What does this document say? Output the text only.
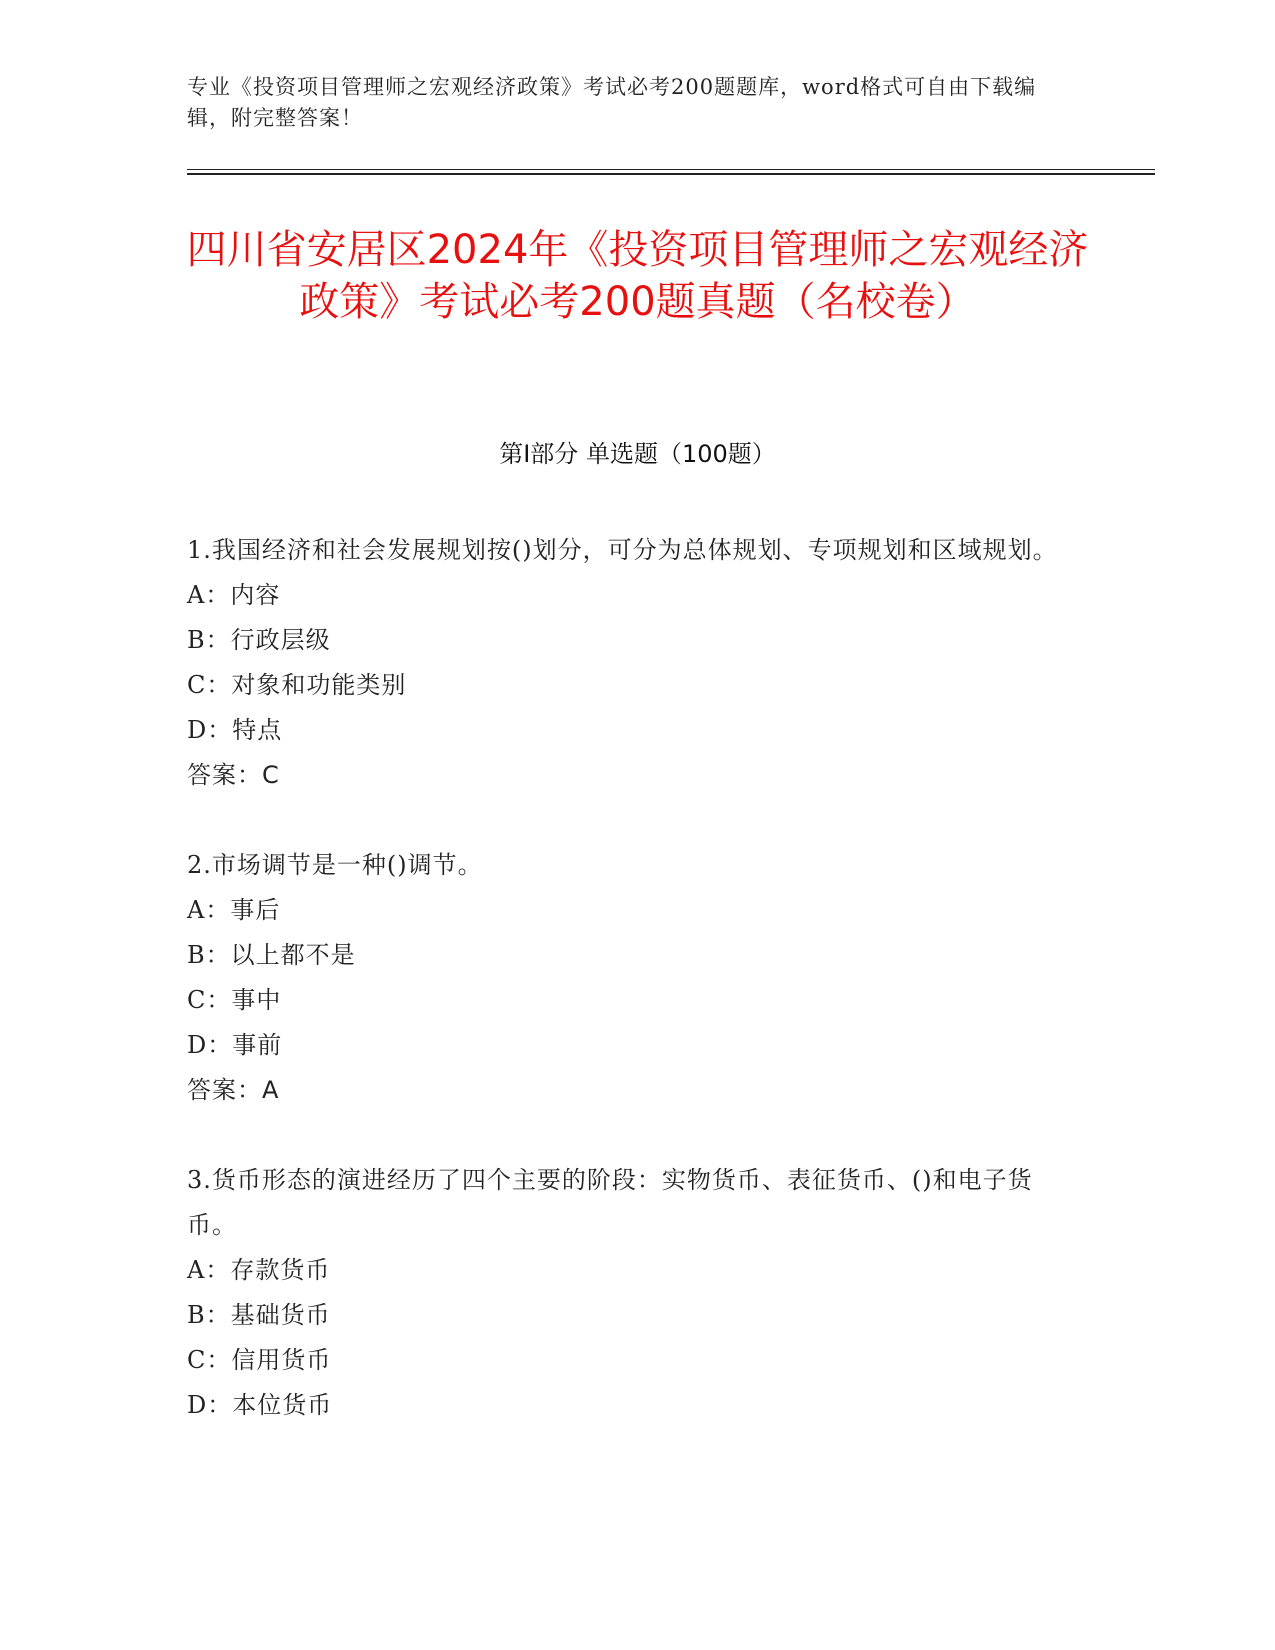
专业《投资项目管理师之宏观经济政策》考试必考200题题库，word格式可自由下载编辑，附完整答案！
四川省安居区2024年《投资项目管理师之宏观经济政策》考试必考200题真题（名校卷）
第I部分 单选题（100题）

1.我国经济和社会发展规划按()划分，可分为总体规划、专项规划和区域规划。

A：内容

B：行政层级

C：对象和功能类别

D：特点

答案：C

2.市场调节是一种()调节。

A：事后

B：以上都不是

C：事中

D：事前

答案：A

3.货币形态的演进经历了四个主要的阶段：实物货币、表征货币、()和电子货币。

A：存款货币

B：基础货币

C：信用货币

D：本位货币
